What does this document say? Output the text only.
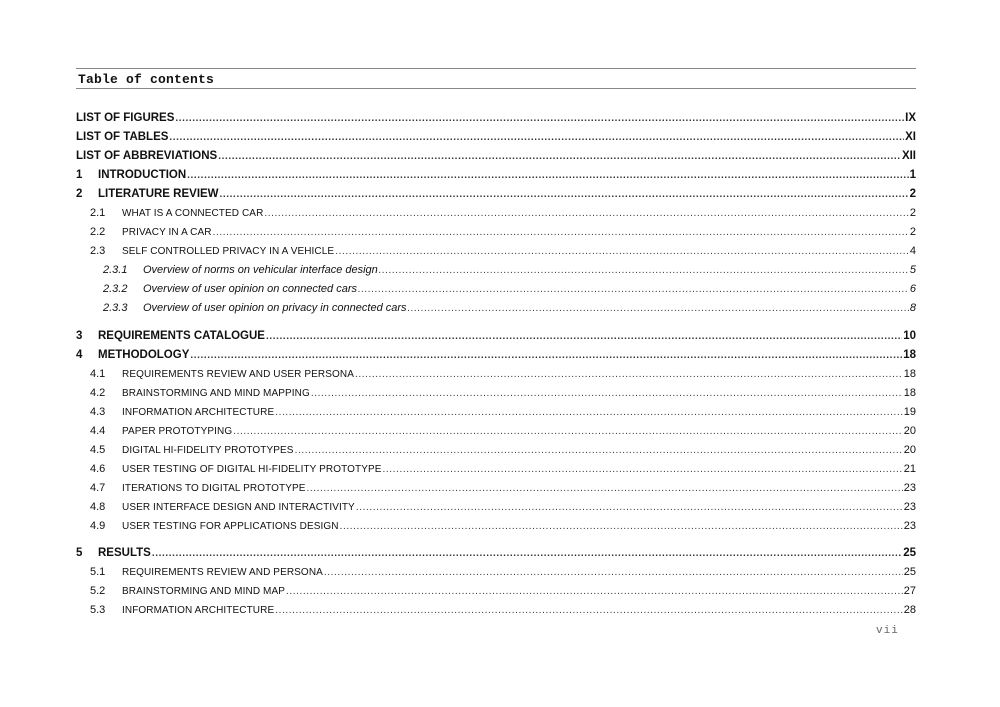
Table of contents
LIST OF FIGURES .....	IX
LIST OF TABLES .....	XI
LIST OF ABBREVIATIONS .....	XII
1	INTRODUCTION .....	1
2	LITERATURE REVIEW .....	2
2.1	WHAT IS A CONNECTED CAR .....	2
2.2	PRIVACY IN A CAR .....	2
2.3	SELF CONTROLLED PRIVACY IN A VEHICLE .....	4
2.3.1	Overview of norms on vehicular interface design .....	5
2.3.2	Overview of user opinion on connected cars .....	6
2.3.3	Overview of user opinion on privacy in connected cars .....	8
3	REQUIREMENTS CATALOGUE .....	10
4	METHODOLOGY .....	18
4.1	REQUIREMENTS REVIEW AND USER PERSONA .....	18
4.2	BRAINSTORMING AND MIND MAPPING .....	18
4.3	INFORMATION ARCHITECTURE .....	19
4.4	PAPER PROTOTYPING .....	20
4.5	DIGITAL HI-FIDELITY PROTOTYPES .....	20
4.6	USER TESTING OF DIGITAL HI-FIDELITY PROTOTYPE .....	21
4.7	ITERATIONS TO DIGITAL PROTOTYPE .....	23
4.8	USER INTERFACE DESIGN AND INTERACTIVITY .....	23
4.9	USER TESTING FOR APPLICATIONS DESIGN .....	23
5	RESULTS .....	25
5.1	REQUIREMENTS REVIEW AND PERSONA .....	25
5.2	BRAINSTORMING AND MIND MAP .....	27
5.3	INFORMATION ARCHITECTURE .....	28
vii
